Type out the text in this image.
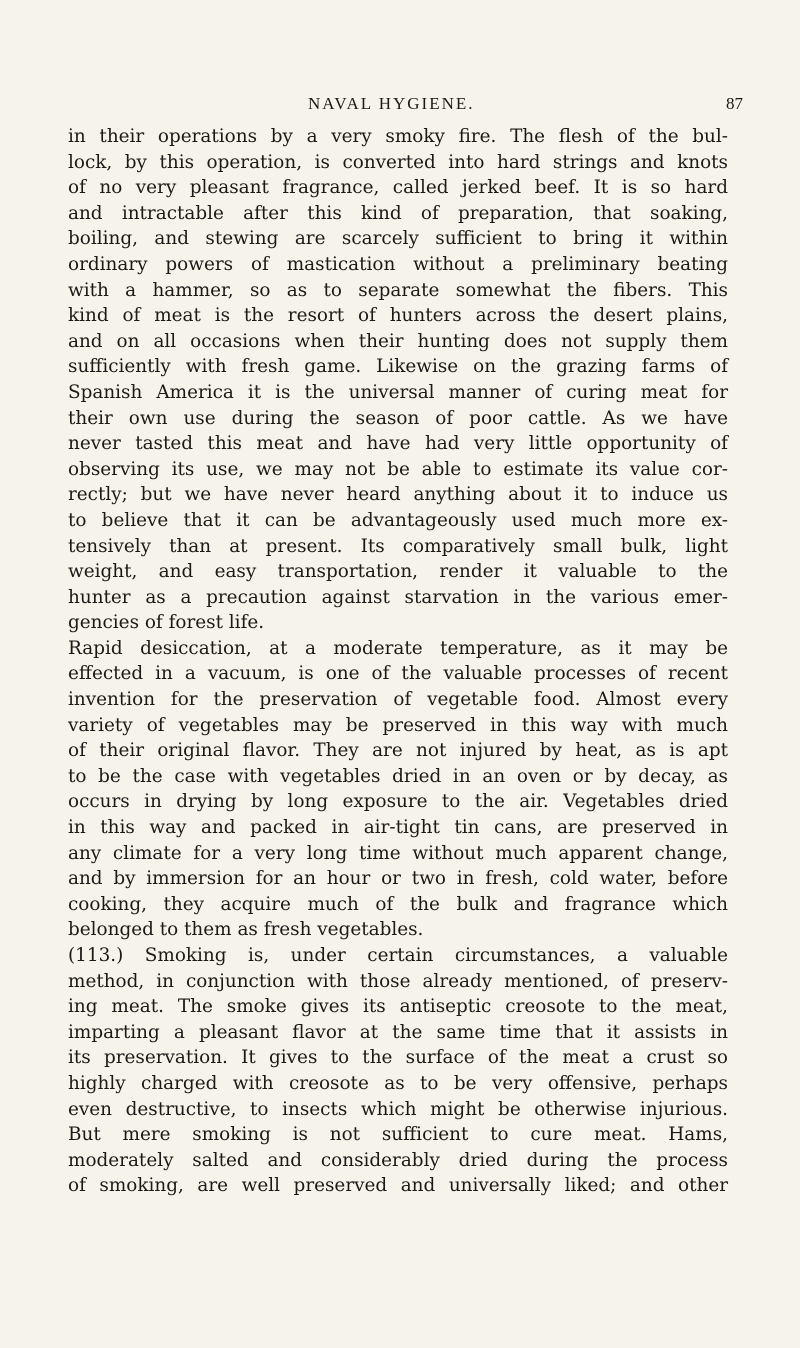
NAVAL HYGIENE.	87
in their operations by a very smoky fire. The flesh of the bul-
lock, by this operation, is converted into hard strings and knots
of no very pleasant fragrance, called jerked beef. It is so hard
and intractable after this kind of preparation, that soaking,
boiling, and stewing are scarcely sufficient to bring it within
ordinary powers of mastication without a preliminary beating
with a hammer, so as to separate somewhat the fibers. This
kind of meat is the resort of hunters across the desert plains,
and on all occasions when their hunting does not supply them
sufficiently with fresh game. Likewise on the grazing farms of
Spanish America it is the universal manner of curing meat for
their own use during the season of poor cattle. As we have
never tasted this meat and have had very little opportunity of
observing its use, we may not be able to estimate its value cor-
rectly; but we have never heard anything about it to induce us
to believe that it can be advantageously used much more ex-
tensively than at present. Its comparatively small bulk, light
weight, and easy transportation, render it valuable to the
hunter as a precaution against starvation in the various emer-
gencies of forest life.
Rapid desiccation, at a moderate temperature, as it may be
effected in a vacuum, is one of the valuable processes of recent
invention for the preservation of vegetable food. Almost every
variety of vegetables may be preserved in this way with much
of their original flavor. They are not injured by heat, as is apt
to be the case with vegetables dried in an oven or by decay, as
occurs in drying by long exposure to the air. Vegetables dried
in this way and packed in air-tight tin cans, are preserved in
any climate for a very long time without much apparent change,
and by immersion for an hour or two in fresh, cold water, before
cooking, they acquire much of the bulk and fragrance which
belonged to them as fresh vegetables.
(113.) Smoking is, under certain circumstances, a valuable
method, in conjunction with those already mentioned, of preserv-
ing meat. The smoke gives its antiseptic creosote to the meat,
imparting a pleasant flavor at the same time that it assists in
its preservation. It gives to the surface of the meat a crust so
highly charged with creosote as to be very offensive, perhaps
even destructive, to insects which might be otherwise injurious.
But mere smoking is not sufficient to cure meat. Hams,
moderately salted and considerably dried during the process
of smoking, are well preserved and universally liked; and other
